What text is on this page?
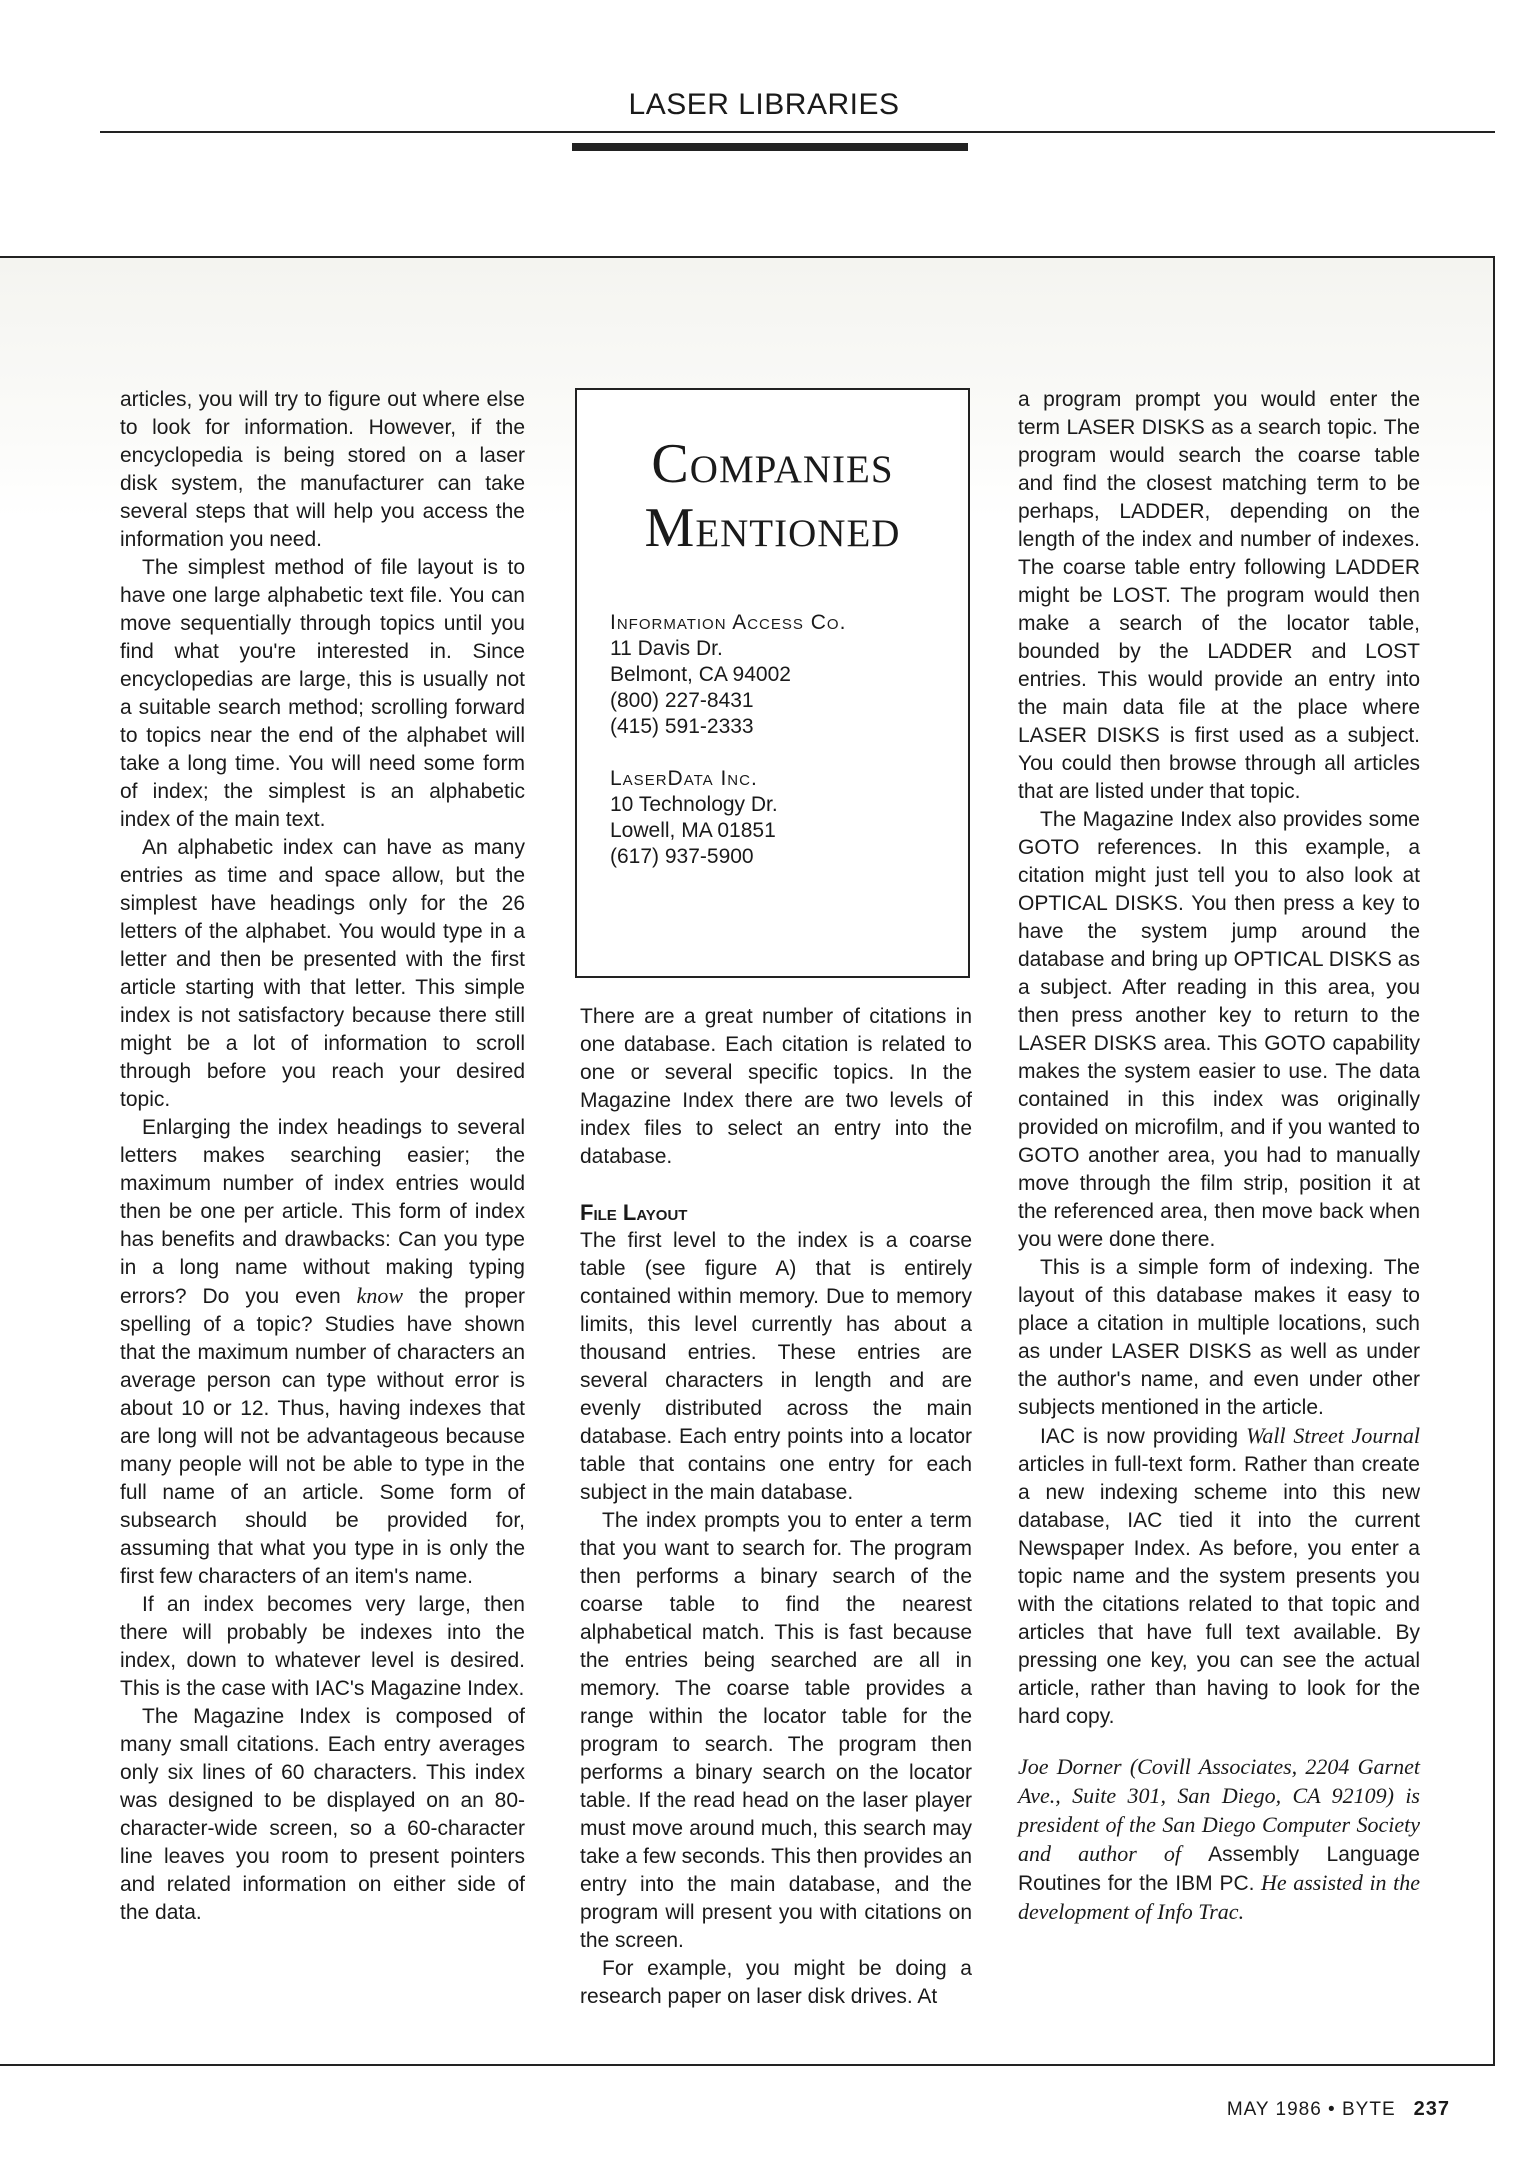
LASER LIBRARIES

articles, you will try to figure out where else to look for information. However, if the encyclopedia is being stored on a laser disk system, the manufacturer can take several steps that will help you access the information you need.

The simplest method of file layout is to have one large alphabetic text file. You can move sequentially through topics until you find what you're interested in. Since encyclopedias are large, this is usually not a suitable search method; scrolling forward to topics near the end of the alphabet will take a long time. You will need some form of index; the simplest is an alphabetic index of the main text.

An alphabetic index can have as many entries as time and space allow, but the simplest have headings only for the 26 letters of the alphabet. You would type in a letter and then be presented with the first article starting with that letter. This simple index is not satisfactory because there still might be a lot of information to scroll through before you reach your desired topic.

Enlarging the index headings to several letters makes searching easier; the maximum number of index entries would then be one per article. This form of index has benefits and drawbacks: Can you type in a long name without making typing errors? Do you even know the proper spelling of a topic? Studies have shown that the maximum number of characters an average person can type without error is about 10 or 12. Thus, having indexes that are long will not be advantageous because many people will not be able to type in the full name of an article. Some form of subsearch should be provided for, assuming that what you type in is only the first few characters of an item's name.

If an index becomes very large, then there will probably be indexes into the index, down to whatever level is desired. This is the case with IAC's Magazine Index.

The Magazine Index is composed of many small citations. Each entry averages only six lines of 60 characters. This index was designed to be displayed on an 80-character-wide screen, so a 60-character line leaves you room to present pointers and related information on either side of the data.

Companies
Mentioned
Information Access Co.
11 Davis Dr.
Belmont, CA 94002
(800) 227-8431
(415) 591-2333
LaserData Inc.
10 Technology Dr.
Lowell, MA 01851
(617) 937-5900

There are a great number of citations in one database. Each citation is related to one or several specific topics. In the Magazine Index there are two levels of index files to select an entry into the database.

File Layout

The first level to the index is a coarse table (see figure A) that is entirely contained within memory. Due to memory limits, this level currently has about a thousand entries. These entries are several characters in length and are evenly distributed across the main database. Each entry points into a locator table that contains one entry for each subject in the main database.

The index prompts you to enter a term that you want to search for. The program then performs a binary search of the coarse table to find the nearest alphabetical match. This is fast because the entries being searched are all in memory. The coarse table provides a range within the locator table for the program to search. The program then performs a binary search on the locator table. If the read head on the laser player must move around much, this search may take a few seconds. This then provides an entry into the main database, and the program will present you with citations on the screen.

For example, you might be doing a research paper on laser disk drives. At

a program prompt you would enter the term LASER DISKS as a search topic. The program would search the coarse table and find the closest matching term to be perhaps, LADDER, depending on the length of the index and number of indexes. The coarse table entry following LADDER might be LOST. The program would then make a search of the locator table, bounded by the LADDER and LOST entries. This would provide an entry into the main data file at the place where LASER DISKS is first used as a subject. You could then browse through all articles that are listed under that topic.

The Magazine Index also provides some GOTO references. In this example, a citation might just tell you to also look at OPTICAL DISKS. You then press a key to have the system jump around the database and bring up OPTICAL DISKS as a subject. After reading in this area, you then press another key to return to the LASER DISKS area. This GOTO capability makes the system easier to use. The data contained in this index was originally provided on microfilm, and if you wanted to GOTO another area, you had to manually move through the film strip, position it at the referenced area, then move back when you were done there.

This is a simple form of indexing. The layout of this database makes it easy to place a citation in multiple locations, such as under LASER DISKS as well as under the author's name, and even under other subjects mentioned in the article.

IAC is now providing Wall Street Journal articles in full-text form. Rather than create a new indexing scheme into this new database, IAC tied it into the current Newspaper Index. As before, you enter a topic name and the system presents you with the citations related to that topic and articles that have full text available. By pressing one key, you can see the actual article, rather than having to look for the hard copy.

Joe Dorner (Covill Associates, 2204 Garnet Ave., Suite 301, San Diego, CA 92109) is president of the San Diego Computer Society and author of Assembly Language Routines for the IBM PC. He assisted in the development of Info Trac.

MAY 1986 • BYTE 237
